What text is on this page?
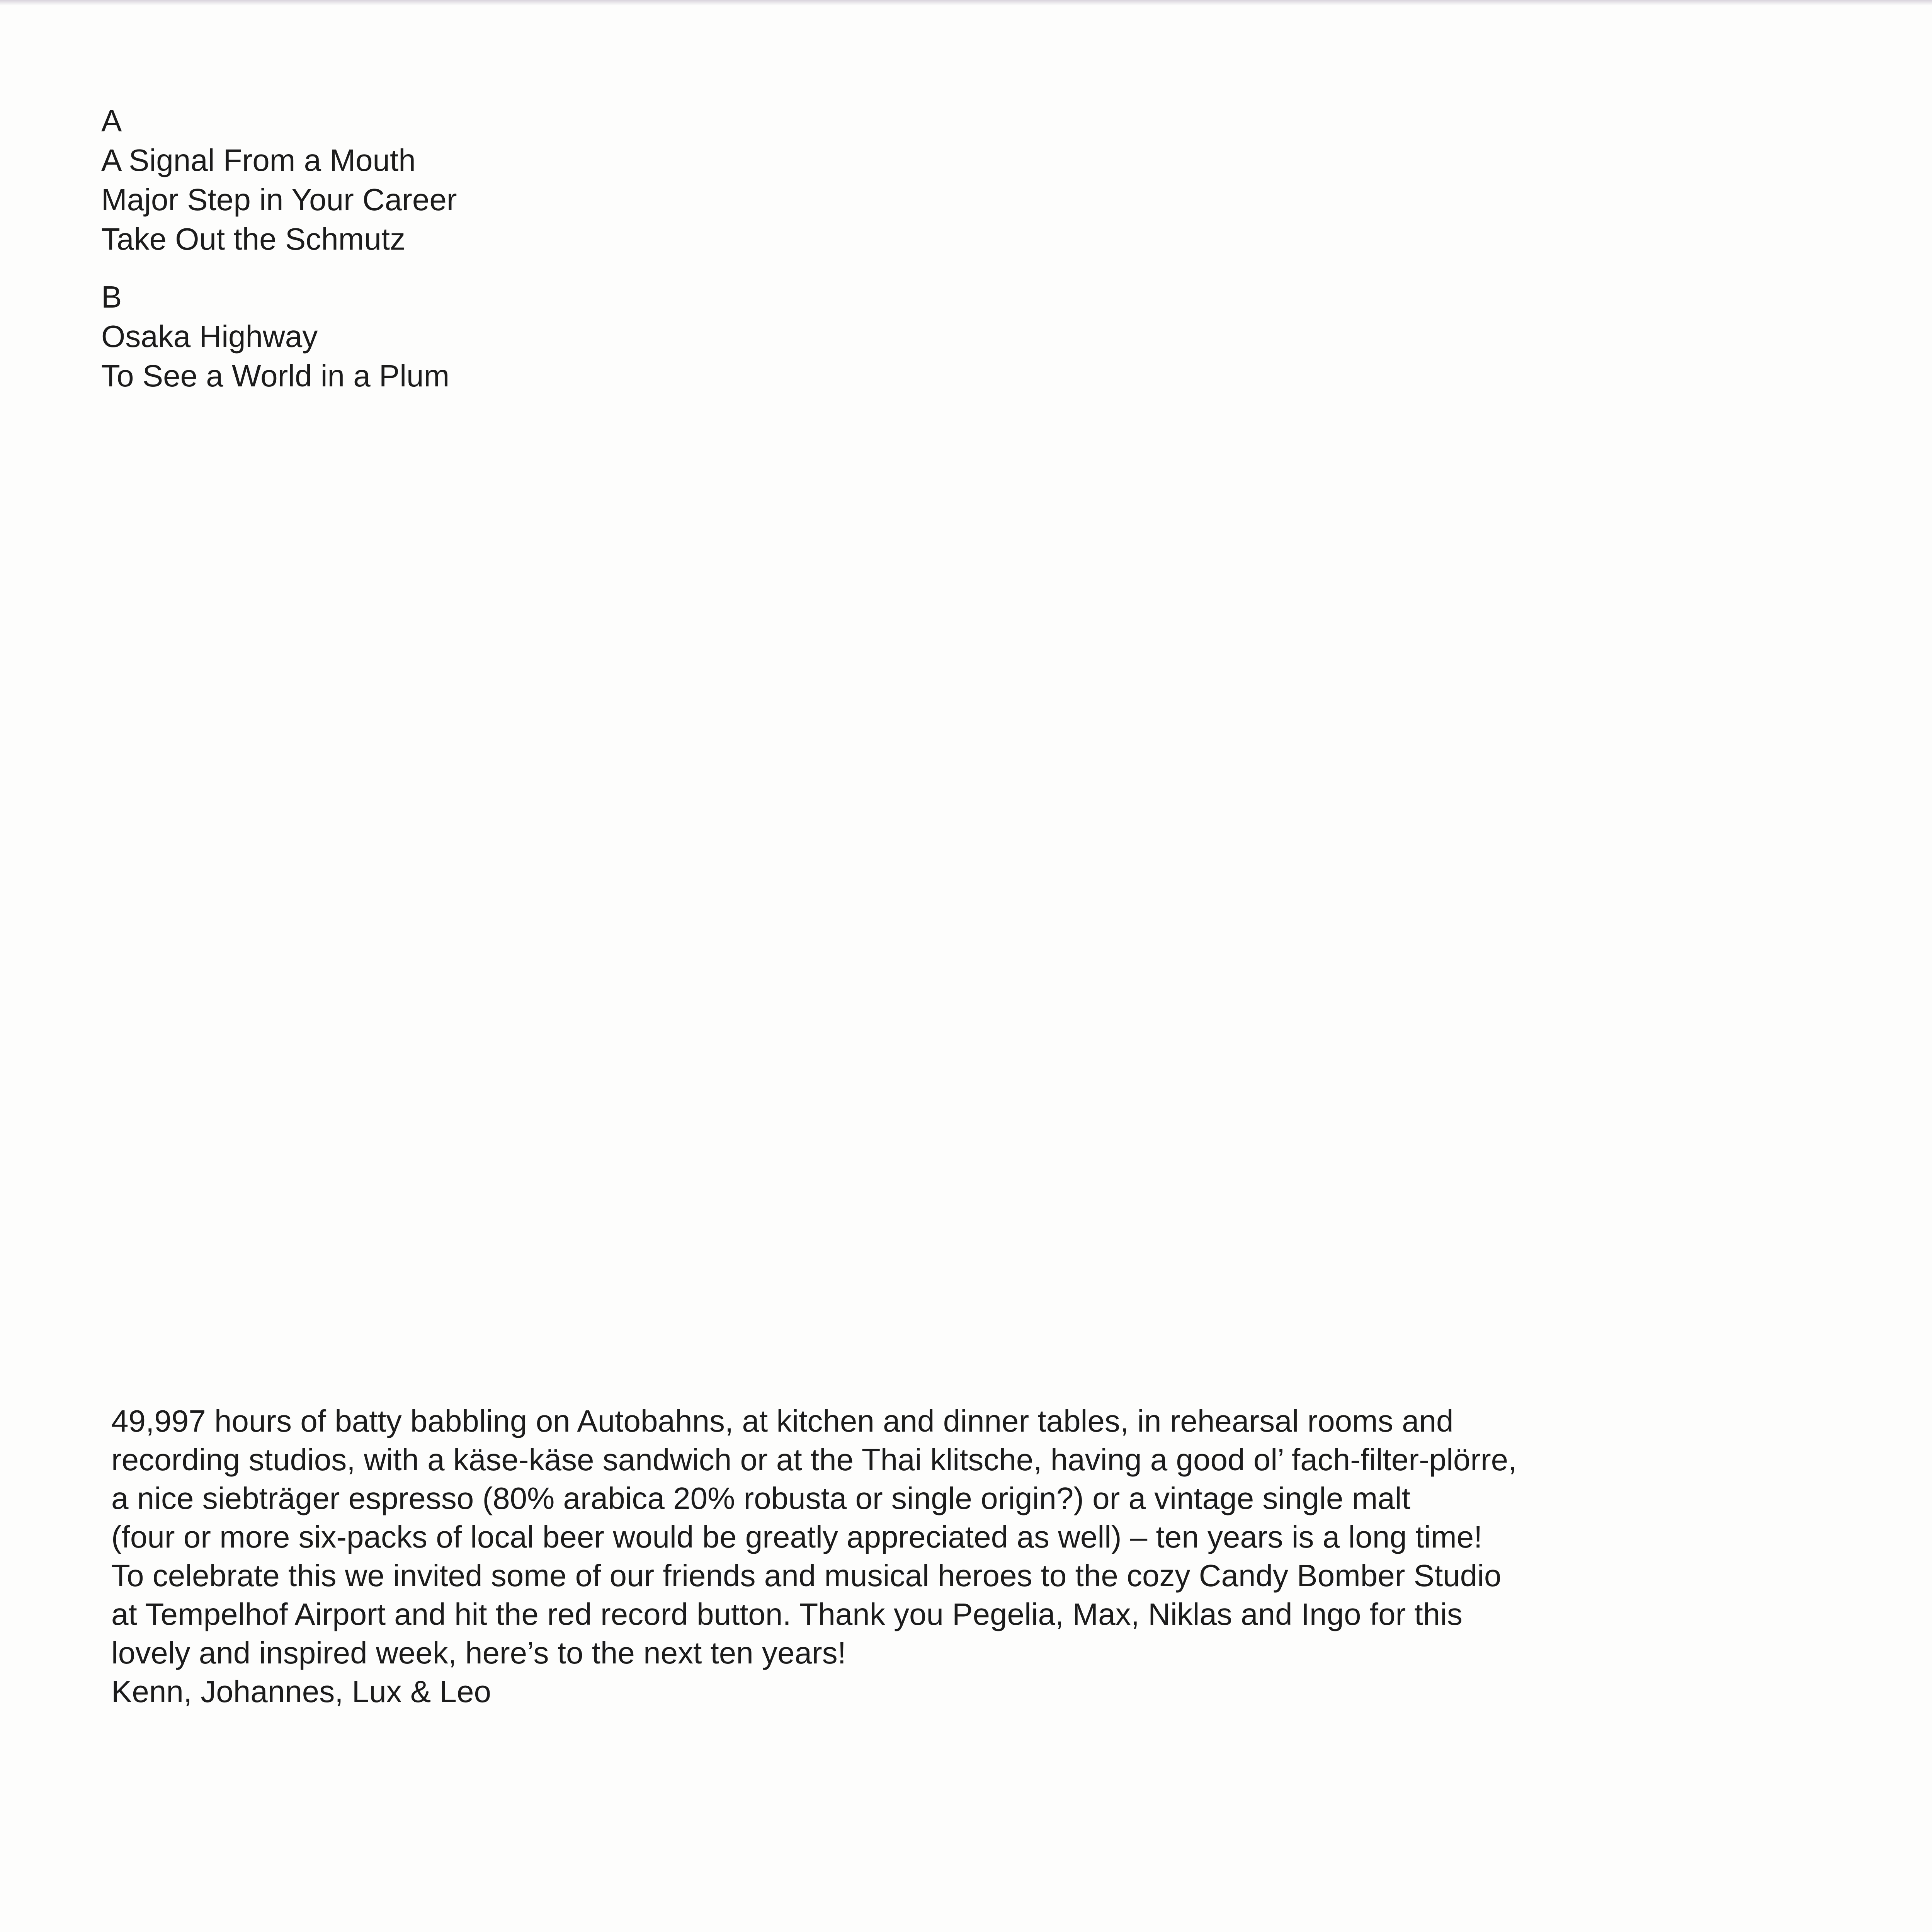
A
A Signal From a Mouth
Major Step in Your Career
Take Out the Schmutz
B
Osaka Highway
To See a World in a Plum

49,997 hours of batty babbling on Autobahns, at kitchen and dinner tables, in rehearsal rooms and

recording studios, with a käse-käse sandwich or at the Thai klitsche, having a good ol’ fach-filter-plörre,

a nice siebträger espresso (80% arabica 20% robusta or single origin?) or a vintage single malt

(four or more six-packs of local beer would be greatly appreciated as well) – ten years is a long time!

To celebrate this we invited some of our friends and musical heroes to the cozy Candy Bomber Studio

at Tempelhof Airport and hit the red record button. Thank you Pegelia, Max, Niklas and Ingo for this

lovely and inspired week, here’s to the next ten years!

Kenn, Johannes, Lux & Leo
